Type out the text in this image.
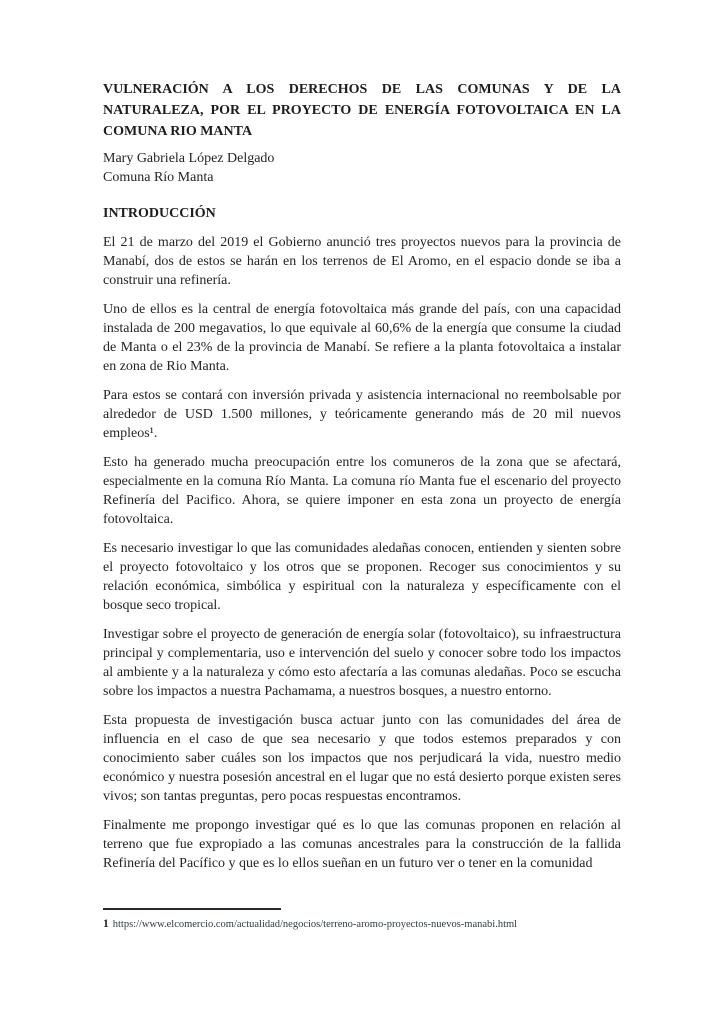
VULNERACIÓN A LOS DERECHOS DE LAS COMUNAS Y DE LA
NATURALEZA, POR EL PROYECTO DE ENERGÍA FOTOVOLTAICA EN LA
COMUNA RIO MANTA
Mary Gabriela López Delgado
Comuna Río Manta
INTRODUCCIÓN

El 21 de marzo del 2019 el Gobierno anunció tres proyectos nuevos para la provincia de Manabí, dos de estos se harán en los terrenos de El Aromo, en el espacio donde se iba a construir una refinería.

Uno de ellos es la central de energía fotovoltaica más grande del país, con una capacidad instalada de 200 megavatios, lo que equivale al 60,6% de la energía que consume la ciudad de Manta o el 23% de la provincia de Manabí. Se refiere a la planta fotovoltaica a instalar en zona de Rio Manta.

Para estos se contará con inversión privada y asistencia internacional no reembolsable por alrededor de USD 1.500 millones, y teóricamente generando más de 20 mil nuevos empleos¹.

Esto ha generado mucha preocupación entre los comuneros de la zona que se afectará, especialmente en la comuna Río Manta. La comuna río Manta fue el escenario del proyecto Refinería del Pacifico. Ahora, se quiere imponer en esta zona un proyecto de energía fotovoltaica.

Es necesario investigar lo que las comunidades aledañas conocen, entienden y sienten sobre el proyecto fotovoltaico y los otros que se proponen. Recoger sus conocimientos y su relación económica, simbólica y espiritual con la naturaleza y específicamente con el bosque seco tropical.

Investigar sobre el proyecto de generación de energía solar (fotovoltaico), su infraestructura principal y complementaria, uso e intervención del suelo y conocer sobre todo los impactos al ambiente y a la naturaleza y cómo esto afectaría a las comunas aledañas. Poco se escucha sobre los impactos a nuestra Pachamama, a nuestros bosques, a nuestro entorno.

Esta propuesta de investigación busca actuar junto con las comunidades del área de influencia en el caso de que sea necesario y que todos estemos preparados y con conocimiento saber cuáles son los impactos que nos perjudicará la vida, nuestro medio económico y nuestra posesión ancestral en el lugar que no está desierto porque existen seres vivos; son tantas preguntas, pero pocas respuestas encontramos.

Finalmente me propongo investigar qué es lo que las comunas proponen en relación al terreno que fue expropiado a las comunas ancestrales para la construcción de la fallida Refinería del Pacífico y que es lo ellos sueñan en un futuro ver o tener en la comunidad

1 https://www.elcomercio.com/actualidad/negocios/terreno-aromo-proyectos-nuevos-manabi.html
